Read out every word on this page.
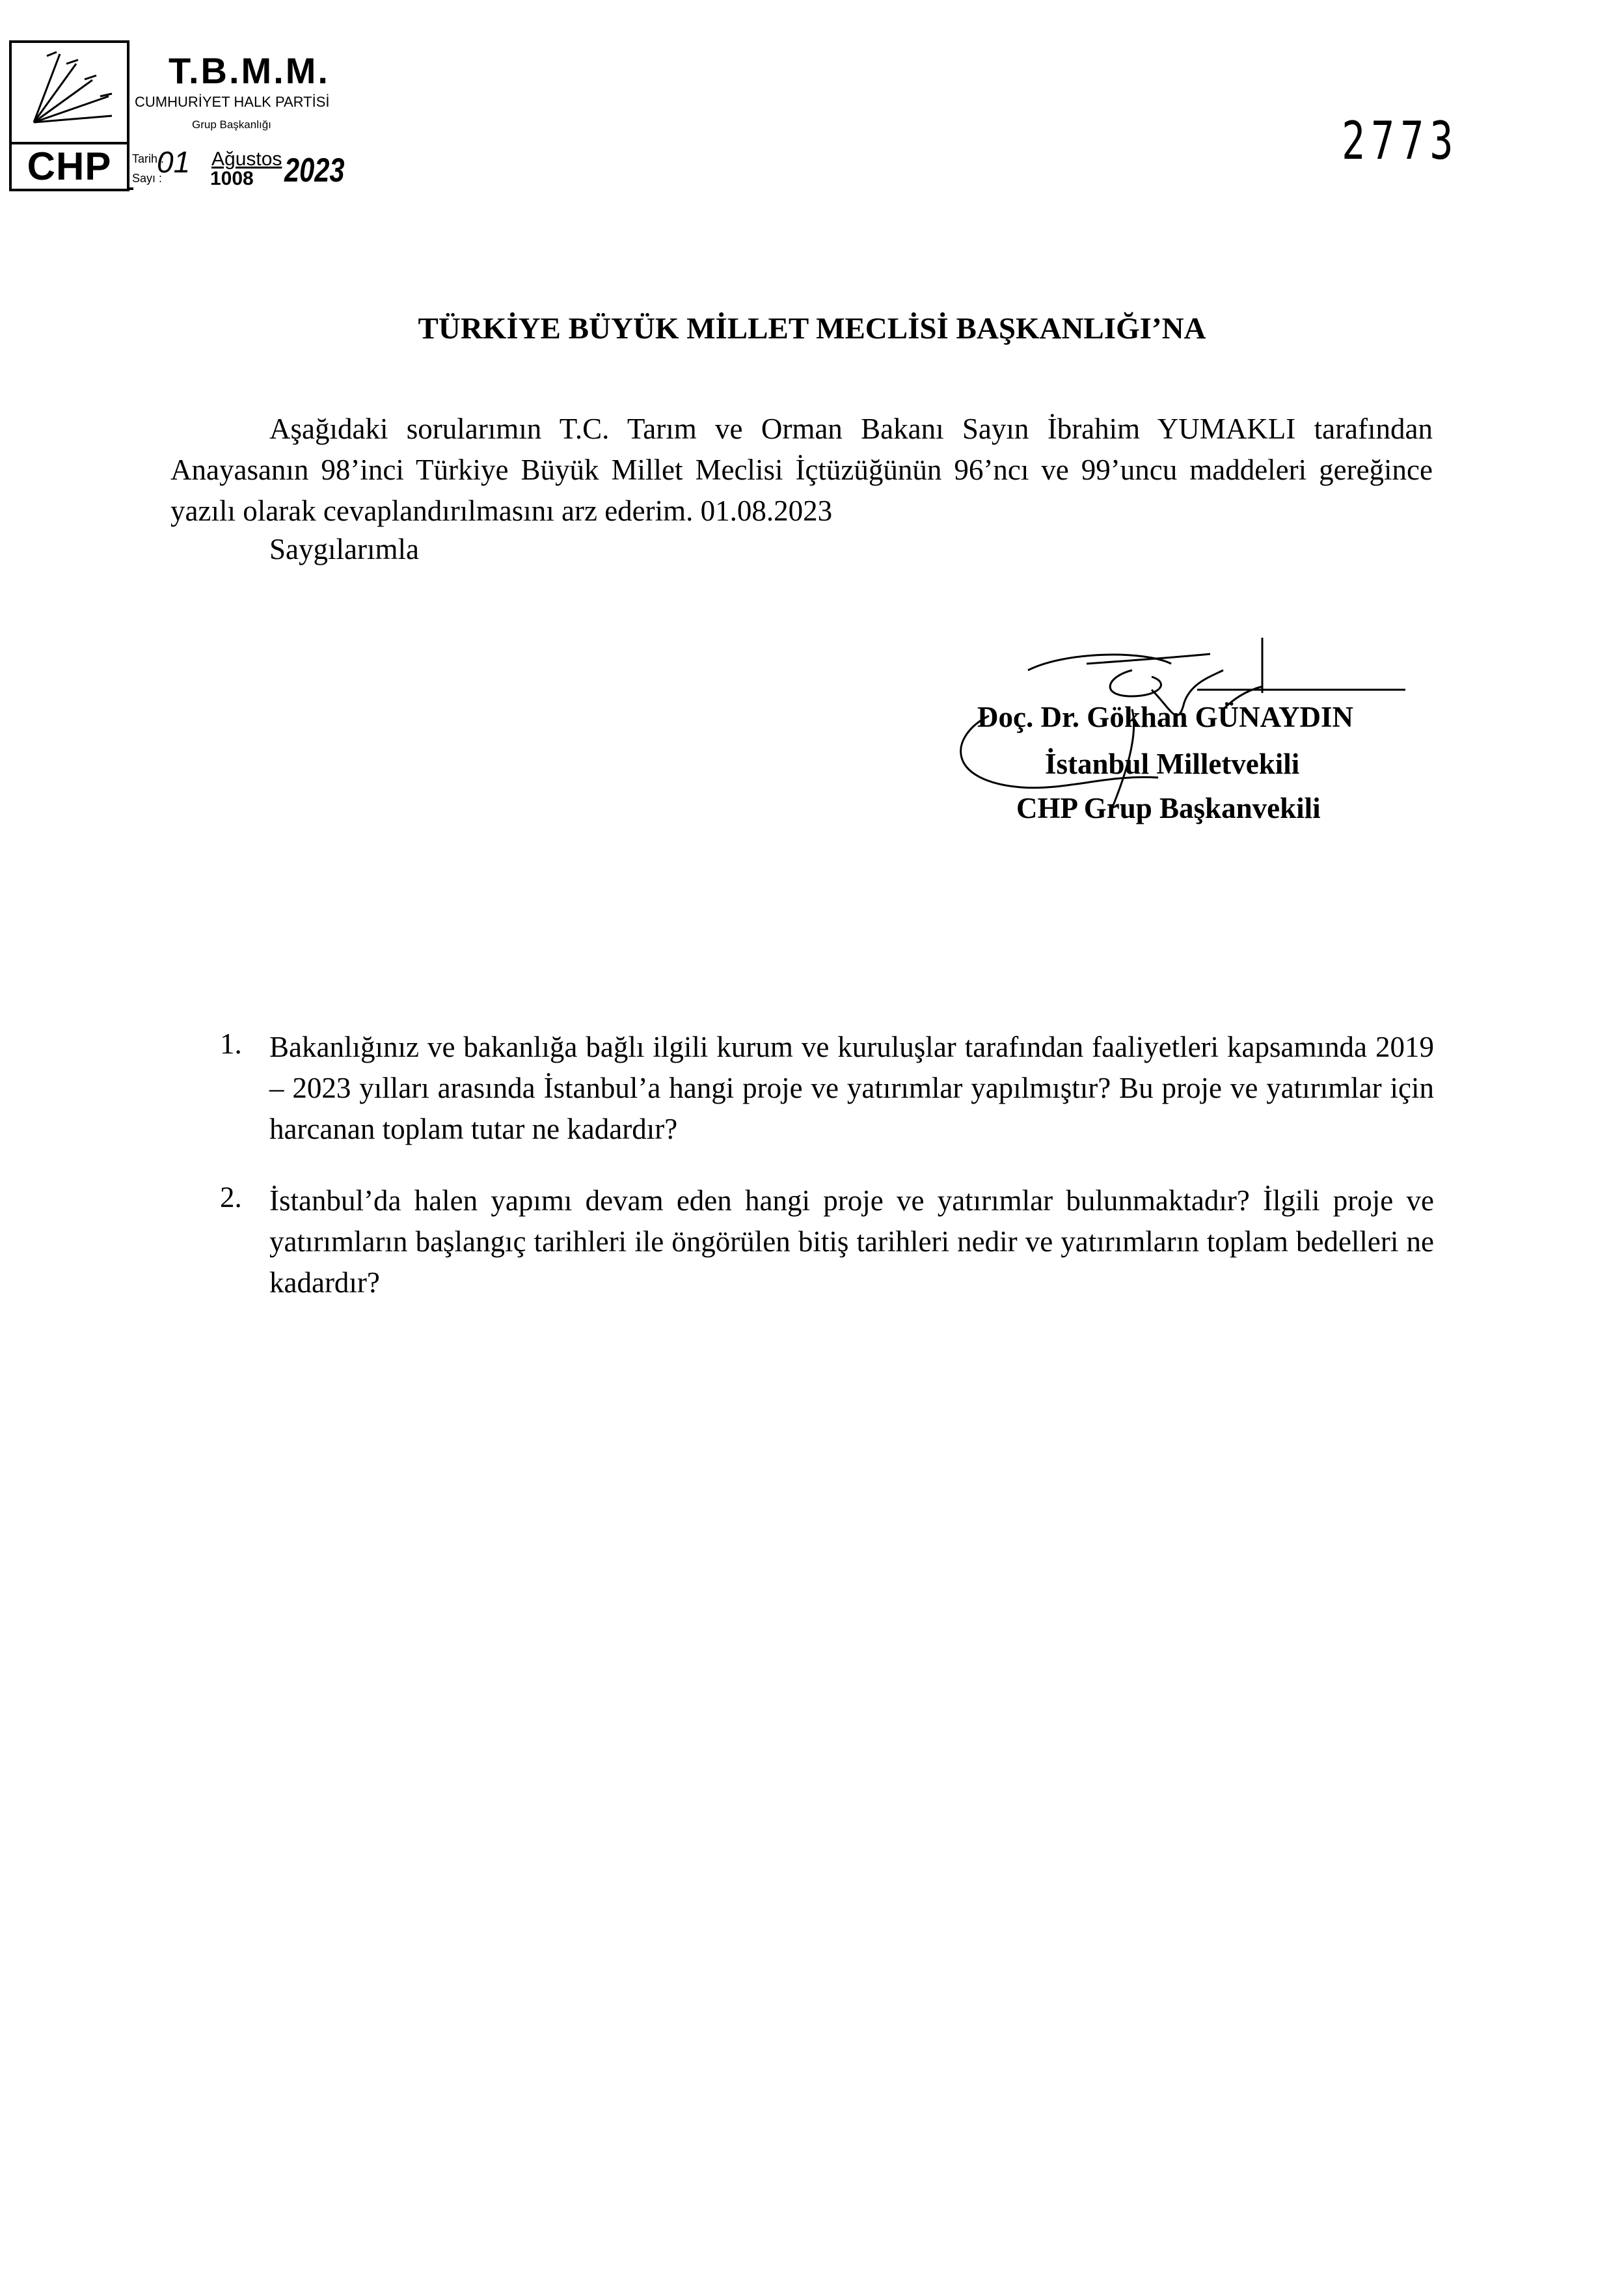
CHP
T.B.M.M.
CUMHURİYET HALK PARTİSİ
Grup Başkanlığı
Tarih :
Sayı :
01 Ağustos
1008 2023	2773
TÜRKİYE BÜYÜK MİLLET MECLİSİ BAŞKANLIĞI’NA
Aşağıdaki sorularımın T.C. Tarım ve Orman Bakanı Sayın İbrahim YUMAKLI tarafından Anayasanın 98’inci Türkiye Büyük Millet Meclisi İçtüzüğünün 96’ncı ve 99’uncu maddeleri gereğince yazılı olarak cevaplandırılmasını arz ederim. 01.08.2023
Saygılarımla
Doç. Dr. Gökhan GÜNAYDIN
İstanbul Milletvekili
CHP Grup Başkanvekili
1. Bakanlığınız ve bakanlığa bağlı ilgili kurum ve kuruluşlar tarafından faaliyetleri kapsamında 2019 – 2023 yılları arasında İstanbul’a hangi proje ve yatırımlar yapılmıştır? Bu proje ve yatırımlar için harcanan toplam tutar ne kadardır?
2. İstanbul’da halen yapımı devam eden hangi proje ve yatırımlar bulunmaktadır? İlgili proje ve yatırımların başlangıç tarihleri ile öngörülen bitiş tarihleri nedir ve yatırımların toplam bedelleri ne kadardır?
